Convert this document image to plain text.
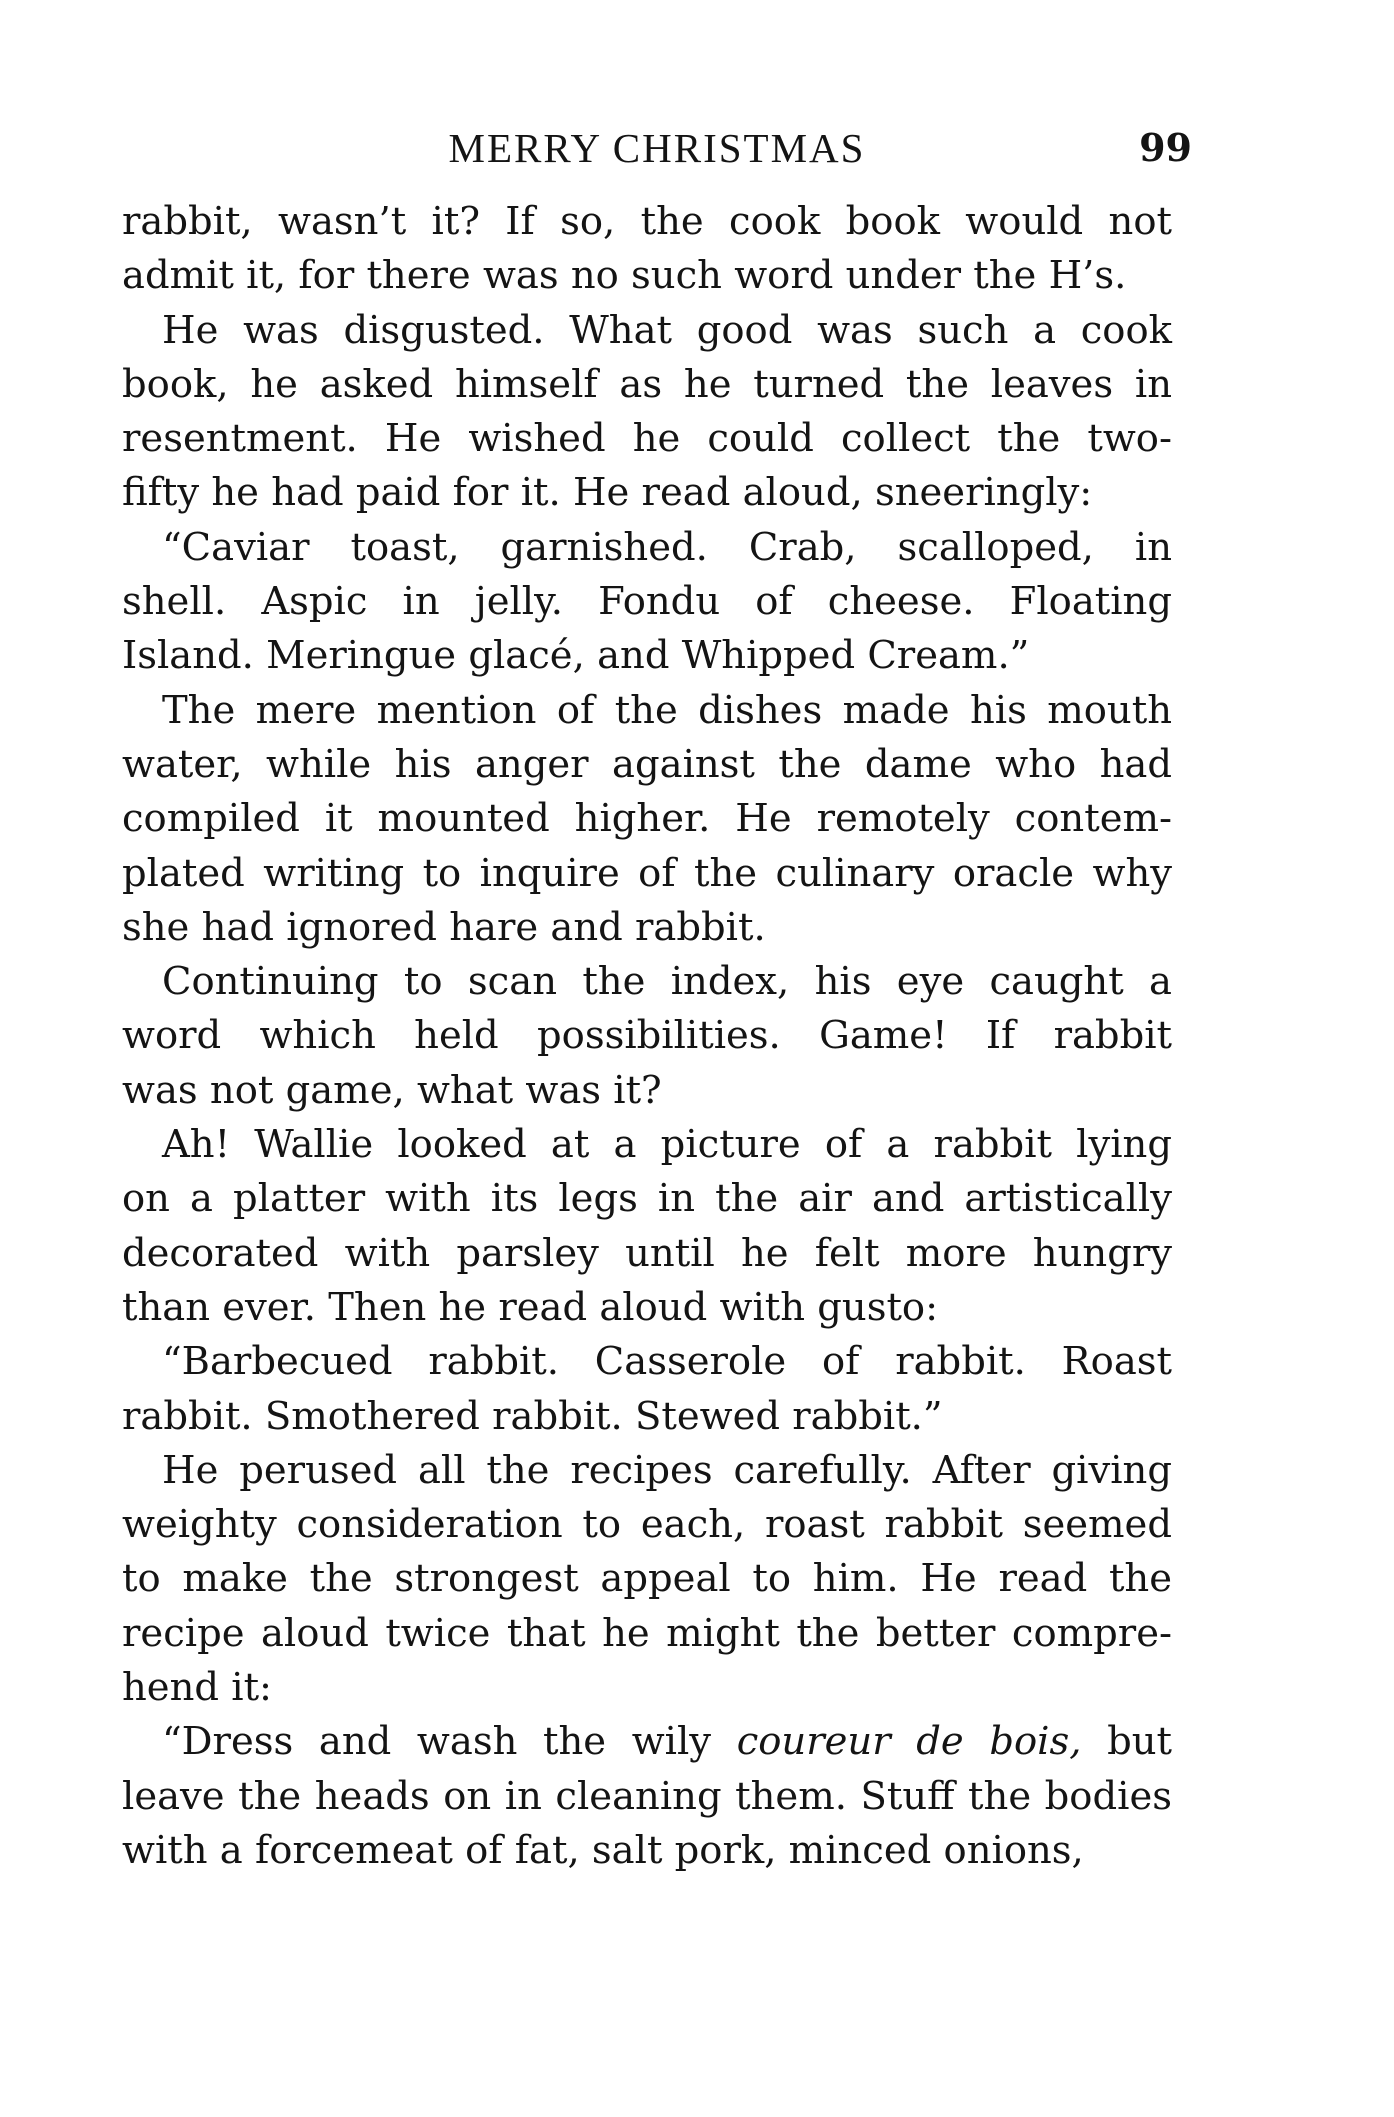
MERRY CHRISTMAS	99
rabbit, wasn’t it? If so, the cook book would not
admit it, for there was no such word under the H’s.
He was disgusted. What good was such a cook
book, he asked himself as he turned the leaves in
resentment. He wished he could collect the two-
fifty he had paid for it. He read aloud, sneeringly:
“Caviar toast, garnished. Crab, scalloped, in
shell. Aspic in jelly. Fondu of cheese. Floating
Island. Meringue glacé, and Whipped Cream.”
The mere mention of the dishes made his mouth
water, while his anger against the dame who had
compiled it mounted higher. He remotely contem-
plated writing to inquire of the culinary oracle why
she had ignored hare and rabbit.
Continuing to scan the index, his eye caught a
word which held possibilities. Game! If rabbit
was not game, what was it?
Ah! Wallie looked at a picture of a rabbit lying
on a platter with its legs in the air and artistically
decorated with parsley until he felt more hungry
than ever. Then he read aloud with gusto:
“Barbecued rabbit. Casserole of rabbit. Roast
rabbit. Smothered rabbit. Stewed rabbit.”
He perused all the recipes carefully. After giving
weighty consideration to each, roast rabbit seemed
to make the strongest appeal to him. He read the
recipe aloud twice that he might the better compre-
hend it:
“Dress and wash the wily coureur de bois, but
leave the heads on in cleaning them. Stuff the bodies
with a forcemeat of fat, salt pork, minced onions,
